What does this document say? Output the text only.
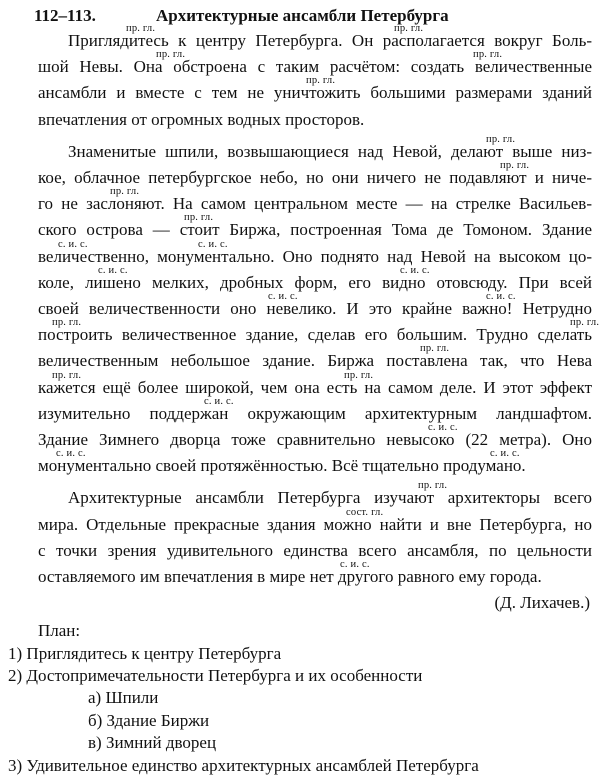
112–113.	Архитектурные ансамбли Петербурга
пр. гл.	пр. гл.
Приглядитесь к центру Петербурга. Он располагается вокруг Боль-
пр. гл.	пр. гл.
шой Невы. Она обстроена с таким расчётом: создать величественные
пр. гл.
ансамбли и вместе с тем не уничтожить большими размерами зданий
впечатления от огромных водных просторов.
пр. гл.
Знаменитые шпили, возвышающиеся над Невой, делают выше низ-
пр. гл.
кое, облачное петербургское небо, но они ничего не подавляют и ниче-
пр. гл.
го не заслоняют. На самом центральном месте — на стрелке Васильев-
пр. гл.
ского острова — стоит Биржа, построенная Тома де Томоном. Здание
с. и. с.	с. и. с.
величественно, монументально. Оно поднято над Невой на высоком цо-
с. и. с.	с. и. с.
коле, лишено мелких, дробных форм, его видно отовсюду. При всей
с. и. с.	с. и. с.
своей величественности оно невелико. И это крайне важно! Нетрудно
пр. гл.	пр. гл.
построить величественное здание, сделав его большим. Трудно сделать
пр. гл.
величественным небольшое здание. Биржа поставлена так, что Нева
пр. гл.	пр. гл.
кажется ещё более широкой, чем она есть на самом деле. И этот эффект
с. и. с.
изумительно поддержан окружающим архитектурным ландшафтом.
с. и. с.
Здание Зимнего дворца тоже сравнительно невысоко (22 метра). Оно
с. и. с.	с. и. с.
монументально своей протяжённостью. Всё тщательно продумано.
пр. гл.
Архитектурные ансамбли Петербурга изучают архитекторы всего
сост. гл.
мира. Отдельные прекрасные здания можно найти и вне Петербурга, но
с точки зрения удивительного единства всего ансамбля, по цельности
с. и. с.
оставляемого им впечатления в мире нет другого равного ему города.
(Д. Лихачев.)
План:
1) Приглядитесь к центру Петербурга
2) Достопримечательности Петербурга и их особенности
а) Шпили
б) Здание Биржи
в) Зимний дворец
3) Удивительное единство архитектурных ансамблей Петербурга
